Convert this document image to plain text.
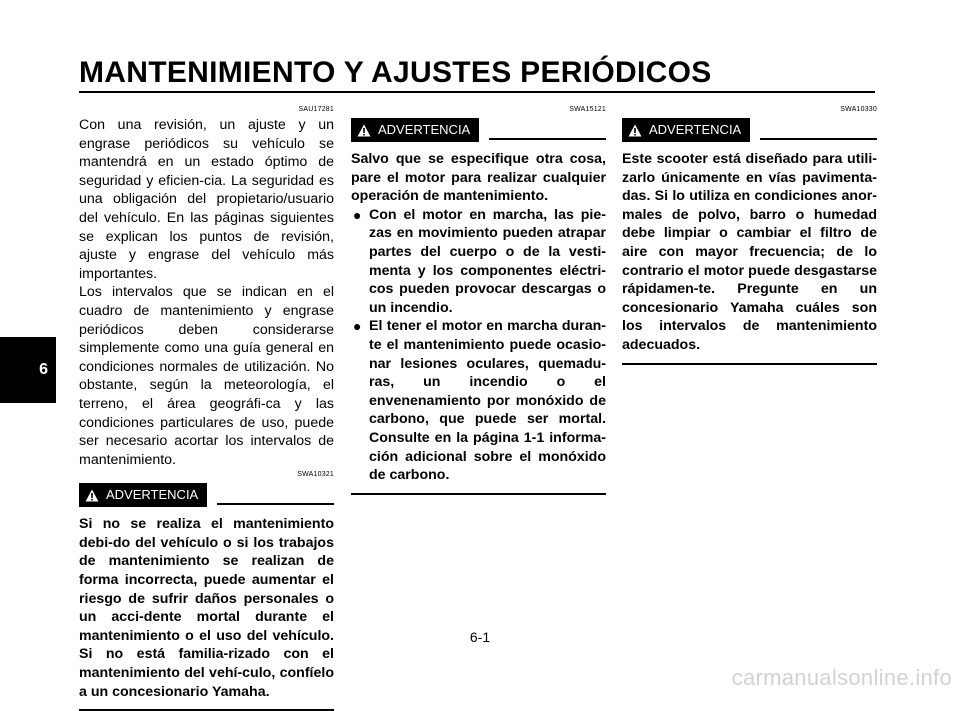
MANTENIMIENTO Y AJUSTES PERIÓDICOS
6
SAU17281

Con una revisión, un ajuste y un engrase periódicos su vehículo se mantendrá en un estado óptimo de seguridad y eficien-cia. La seguridad es una obligación del propietario/usuario del vehículo. En las páginas siguientes se explican los puntos de revisión, ajuste y engrase del vehículo más importantes.

Los intervalos que se indican en el cuadro de mantenimiento y engrase periódicos deben considerarse simplemente como una guía general en condiciones normales de utilización. No obstante, según la meteorología, el terreno, el área geográfi-ca y las condiciones particulares de uso, puede ser necesario acortar los intervalos de mantenimiento.

SWA10321
ADVERTENCIA

Si no se realiza el mantenimiento debi-do del vehículo o si los trabajos de mantenimiento se realizan de forma incorrecta, puede aumentar el riesgo de sufrir daños personales o un acci-dente mortal durante el mantenimiento o el uso del vehículo. Si no está familia-rizado con el mantenimiento del vehí-culo, confíelo a un concesionario Yamaha.

SWA15121
ADVERTENCIA

Salvo que se especifique otra cosa, pare el motor para realizar cualquier operación de mantenimiento.

● Con el motor en marcha, las pie-zas en movimiento pueden atrapar partes del cuerpo o de la vesti-menta y los componentes eléctri-cos pueden provocar descargas o un incendio.
● El tener el motor en marcha duran-te el mantenimiento puede ocasio-nar lesiones oculares, quemadu-ras, un incendio o el envenenamiento por monóxido de carbono, que puede ser mortal. Consulte en la página 1-1 informa-ción adicional sobre el monóxido de carbono.
SWA10330
ADVERTENCIA

Este scooter está diseñado para utili-zarlo únicamente en vías pavimenta-das. Si lo utiliza en condiciones anor-males de polvo, barro o humedad debe limpiar o cambiar el filtro de aire con mayor frecuencia; de lo contrario el motor puede desgastarse rápidamen-te. Pregunte en un concesionario Yamaha cuáles son los intervalos de mantenimiento adecuados.

6-1
carmanualsonline.info
